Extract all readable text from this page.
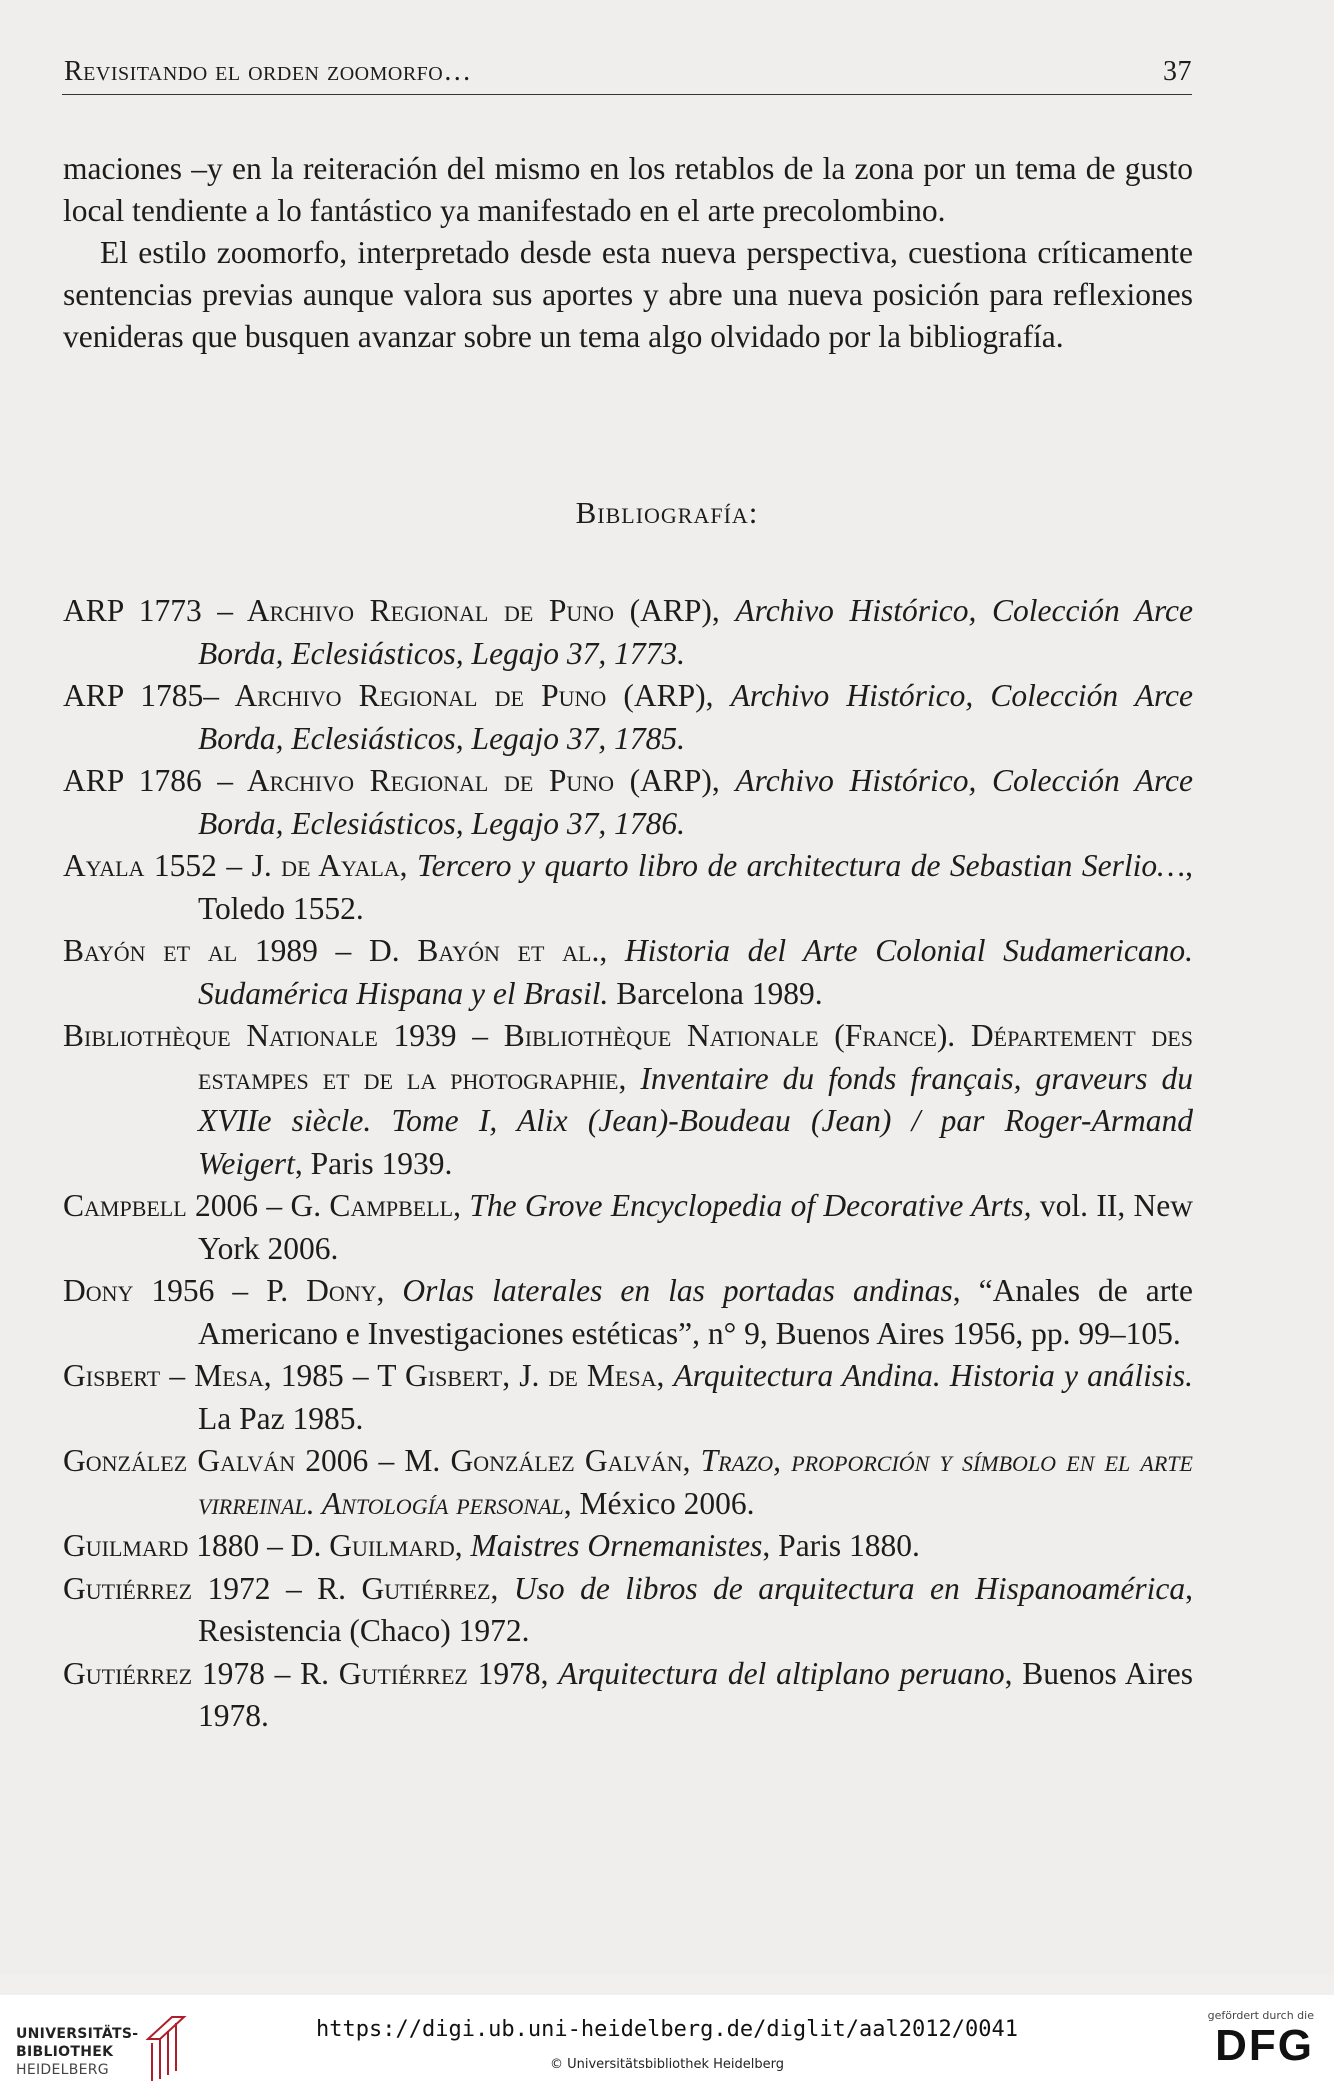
Revisitando el orden zoomorfo…	37

maciones –y en la reiteración del mismo en los retablos de la zona por un tema de gusto local tendiente a lo fantástico ya manifestado en el arte precolombino.

El estilo zoomorfo, interpretado desde esta nueva perspectiva, cuestiona críticamente sentencias previas aunque valora sus aportes y abre una nueva posición para reflexiones venideras que busquen avanzar sobre un tema algo olvidado por la bibliografía.

Bibliografía:

ARP 1773 – Archivo Regional de Puno (ARP), Archivo Histórico, Colección Arce Borda, Eclesiásticos, Legajo 37, 1773.

ARP 1785– Archivo Regional de Puno (ARP), Archivo Histórico, Colección Arce Borda, Eclesiásticos, Legajo 37, 1785.

ARP 1786 – Archivo Regional de Puno (ARP), Archivo Histórico, Colección Arce Borda, Eclesiásticos, Legajo 37, 1786.

Ayala 1552 – J. de Ayala, Tercero y quarto libro de architectura de Sebastian Serlio…, Toledo 1552.

Bayón et al 1989 – D. Bayón et al., Historia del Arte Colonial Sudamericano. Sudamérica Hispana y el Brasil. Barcelona 1989.

Bibliothèque Nationale 1939 – Bibliothèque Nationale (France). Département des estampes et de la photographie, Inventaire du fonds français, graveurs du XVIIe siècle. Tome I, Alix (Jean)-Boudeau (Jean) / par Roger-Armand Weigert, Paris 1939.

Campbell 2006 – G. Campbell, The Grove Encyclopedia of Decorative Arts, vol. II, New York 2006.

Dony 1956 – P. Dony, Orlas laterales en las portadas andinas, “Anales de arte Americano e Investigaciones estéticas”, n° 9, Buenos Aires 1956, pp. 99–105.

Gisbert – Mesa, 1985 – T Gisbert, J. de Mesa, Arquitectura Andina. Historia y análisis. La Paz 1985.

González Galván 2006 – M. González Galván, Trazo, proporción y símbolo en el arte virreinal. Antología personal, México 2006.

Guilmard 1880 – D. Guilmard, Maistres Ornemanistes, Paris 1880.

Gutiérrez 1972 – R. Gutiérrez, Uso de libros de arquitectura en Hispanoamérica, Resistencia (Chaco) 1972.

Gutiérrez 1978 – R. Gutiérrez 1978, Arquitectura del altiplano peruano, Buenos Aires 1978.

UNIVERSITÄTS-
BIBLIOTHEK
HEIDELBERG
https://digi.ub.uni-heidelberg.de/diglit/aal2012/0041
© Universitätsbibliothek Heidelberg
gefördert durch die
DFG
